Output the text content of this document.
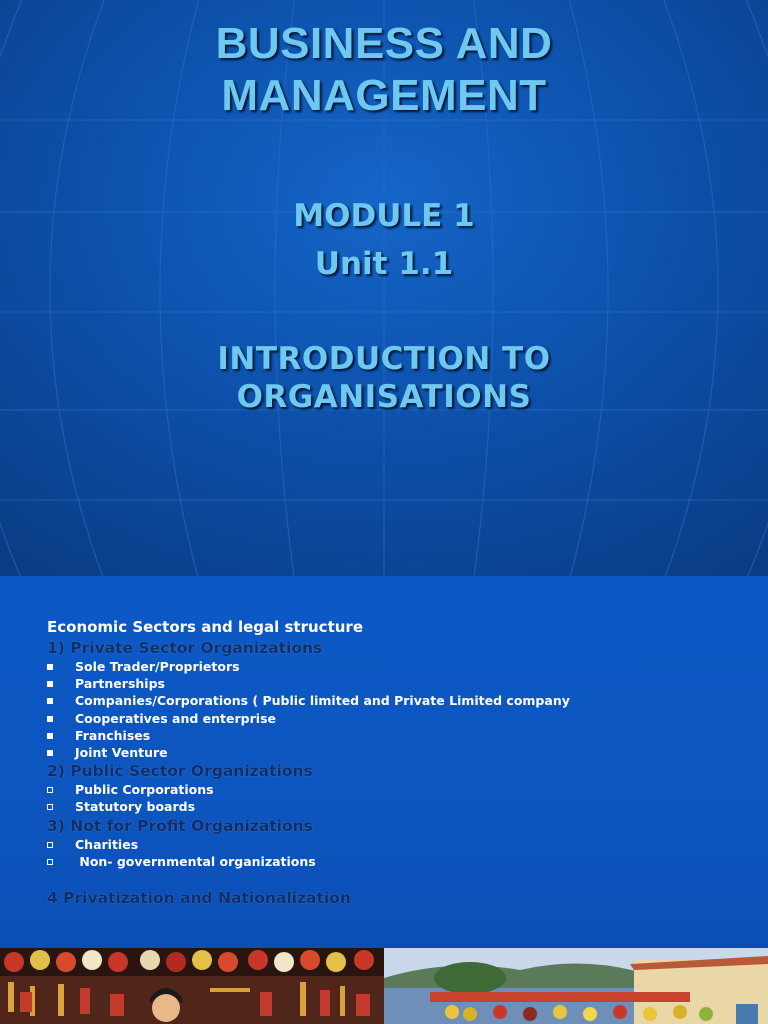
BUSINESS AND
MANAGEMENT
MODULE 1
Unit 1.1
INTRODUCTION TO
ORGANISATIONS
Economic Sectors and legal structure
1) Private Sector Organizations
Sole Trader/Proprietors
Partnerships
Companies/Corporations ( Public limited and Private Limited company
Cooperatives and enterprise
Franchises
Joint Venture
2) Public Sector Organizations
Public Corporations
Statutory boards
3) Not for Profit Organizations
Charities
Non- governmental organizations
4 Privatization and Nationalization
